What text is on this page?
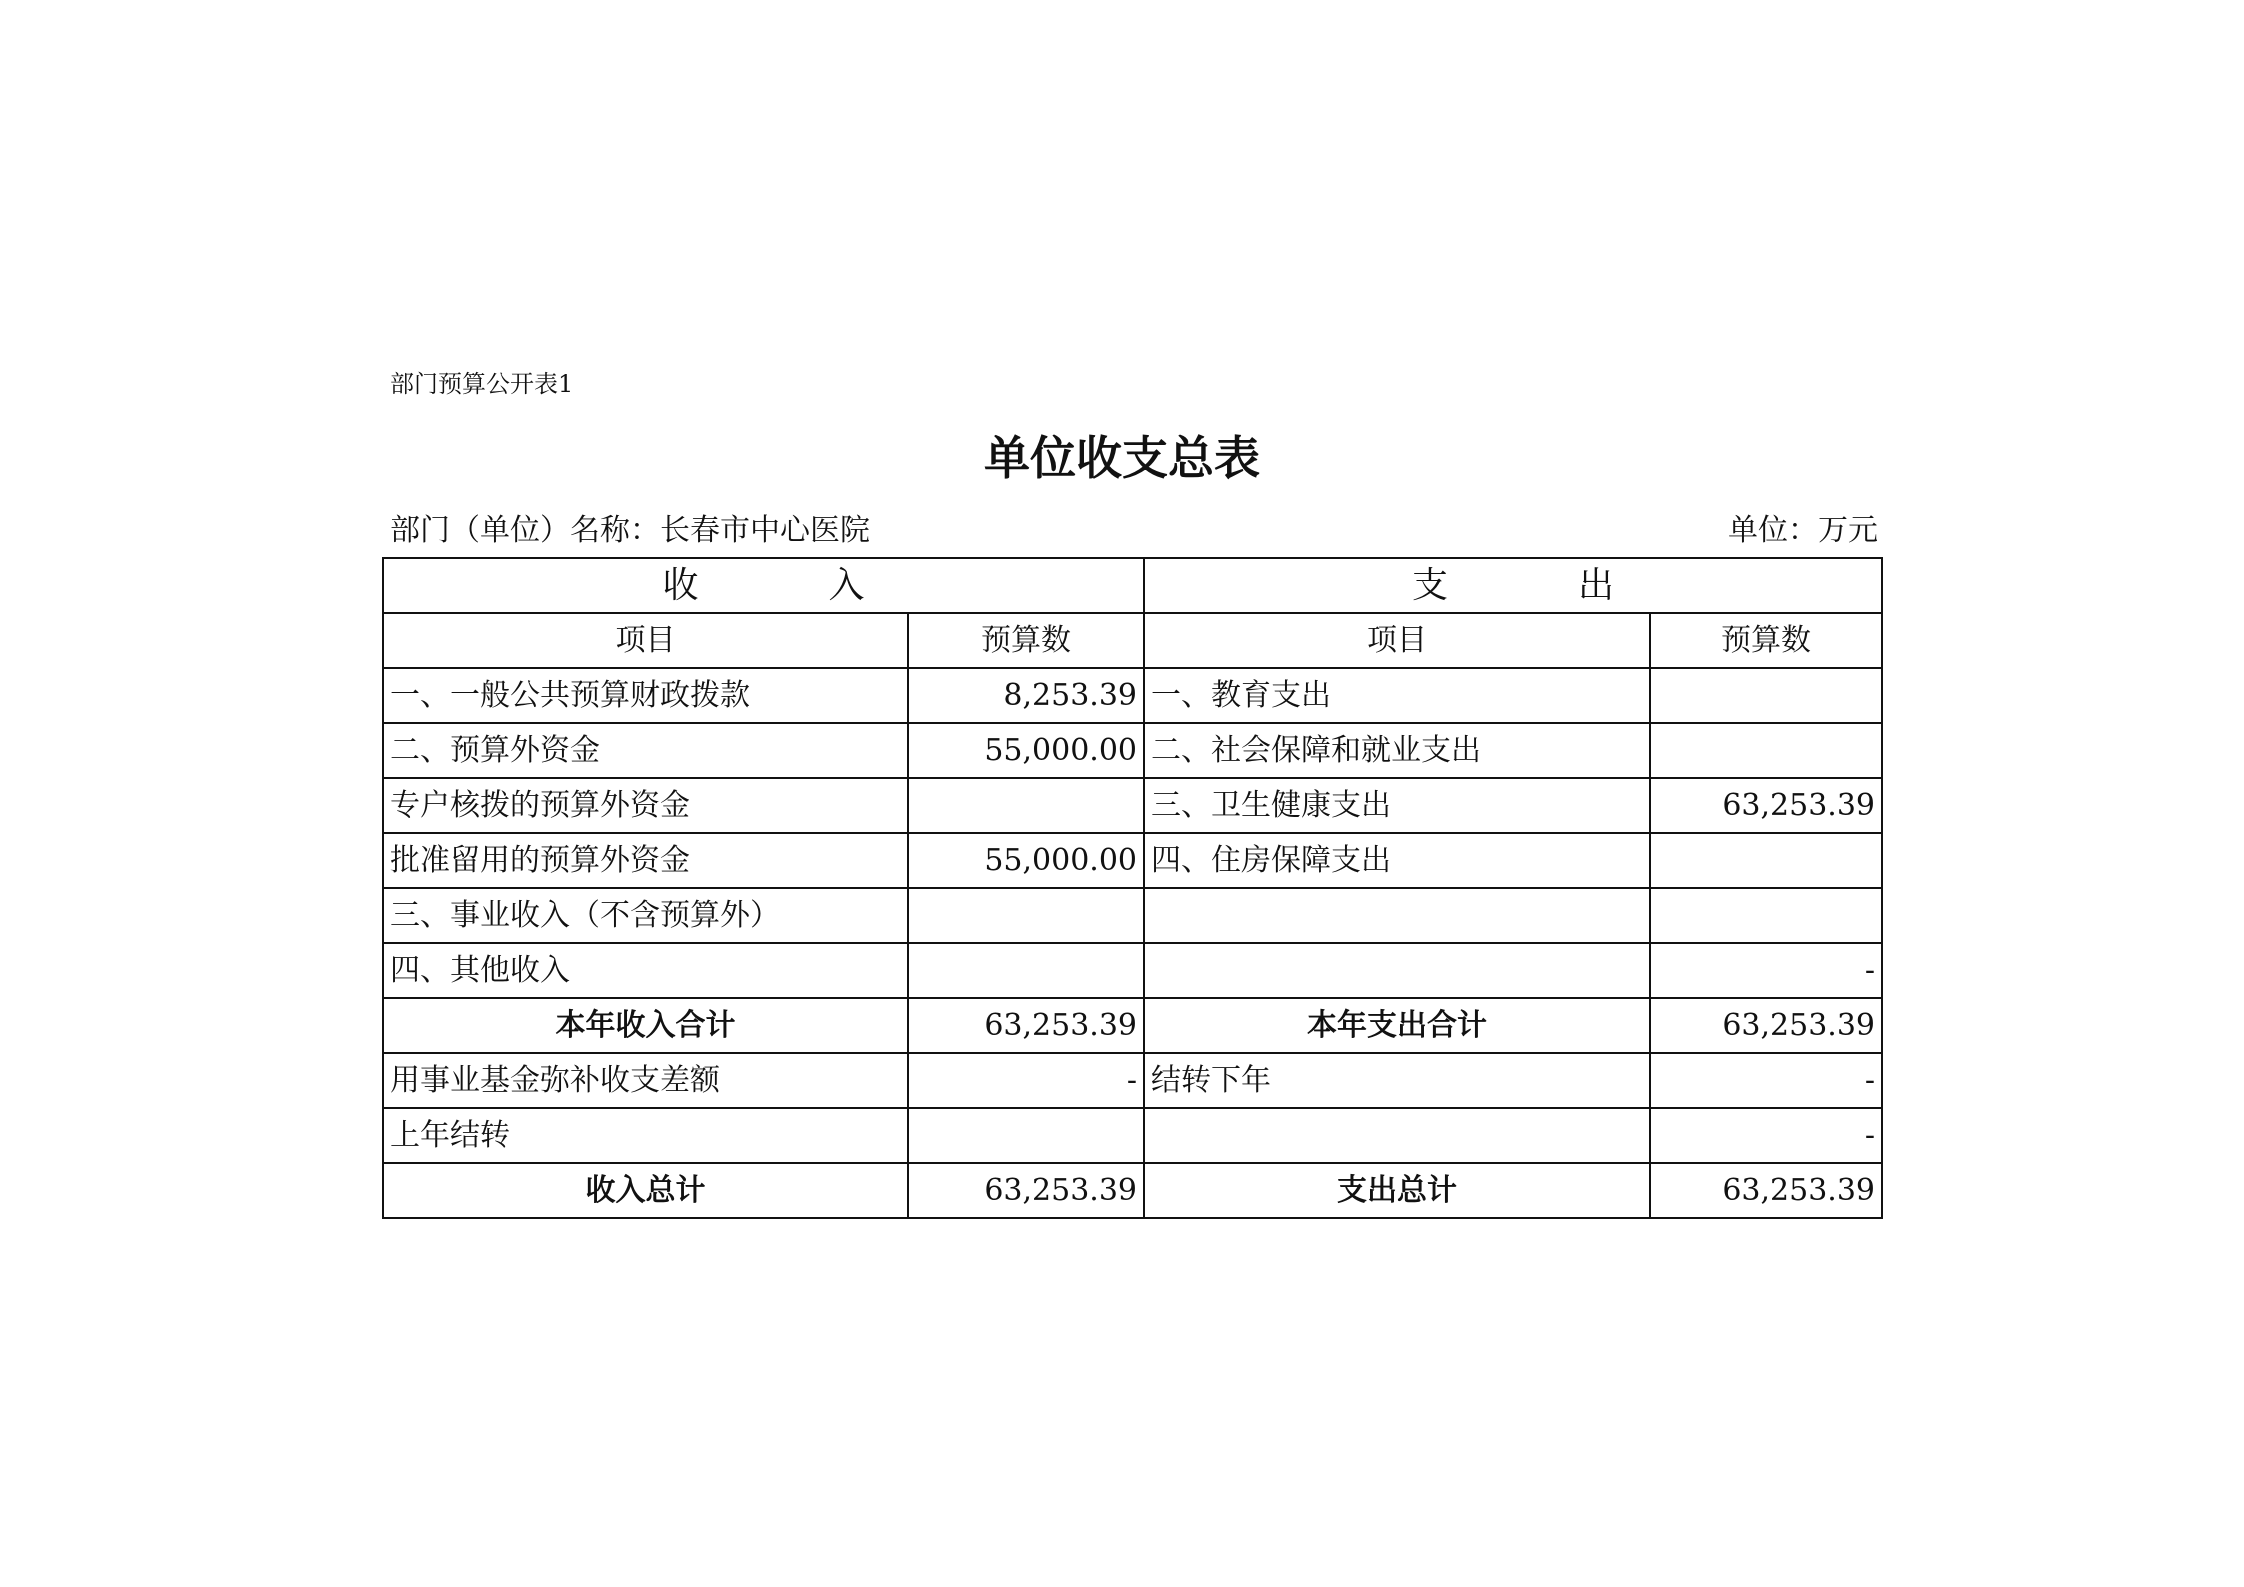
部门预算公开表1
单位收支总表
部门（单位）名称：长春市中心医院	单位：万元
收 入		支 出	
项目	预算数	项目	预算数
一、一般公共预算财政拨款	8,253.39	一、教育支出	
二、预算外资金	55,000.00	二、社会保障和就业支出	
专户核拨的预算外资金		三、卫生健康支出	63,253.39
批准留用的预算外资金	55,000.00	四、住房保障支出	
三、事业收入（不含预算外）			
四、其他收入			-
本年收入合计	63,253.39	本年支出合计	63,253.39
用事业基金弥补收支差额	-	结转下年	-
上年结转			-
收入总计	63,253.39	支出总计	63,253.39
